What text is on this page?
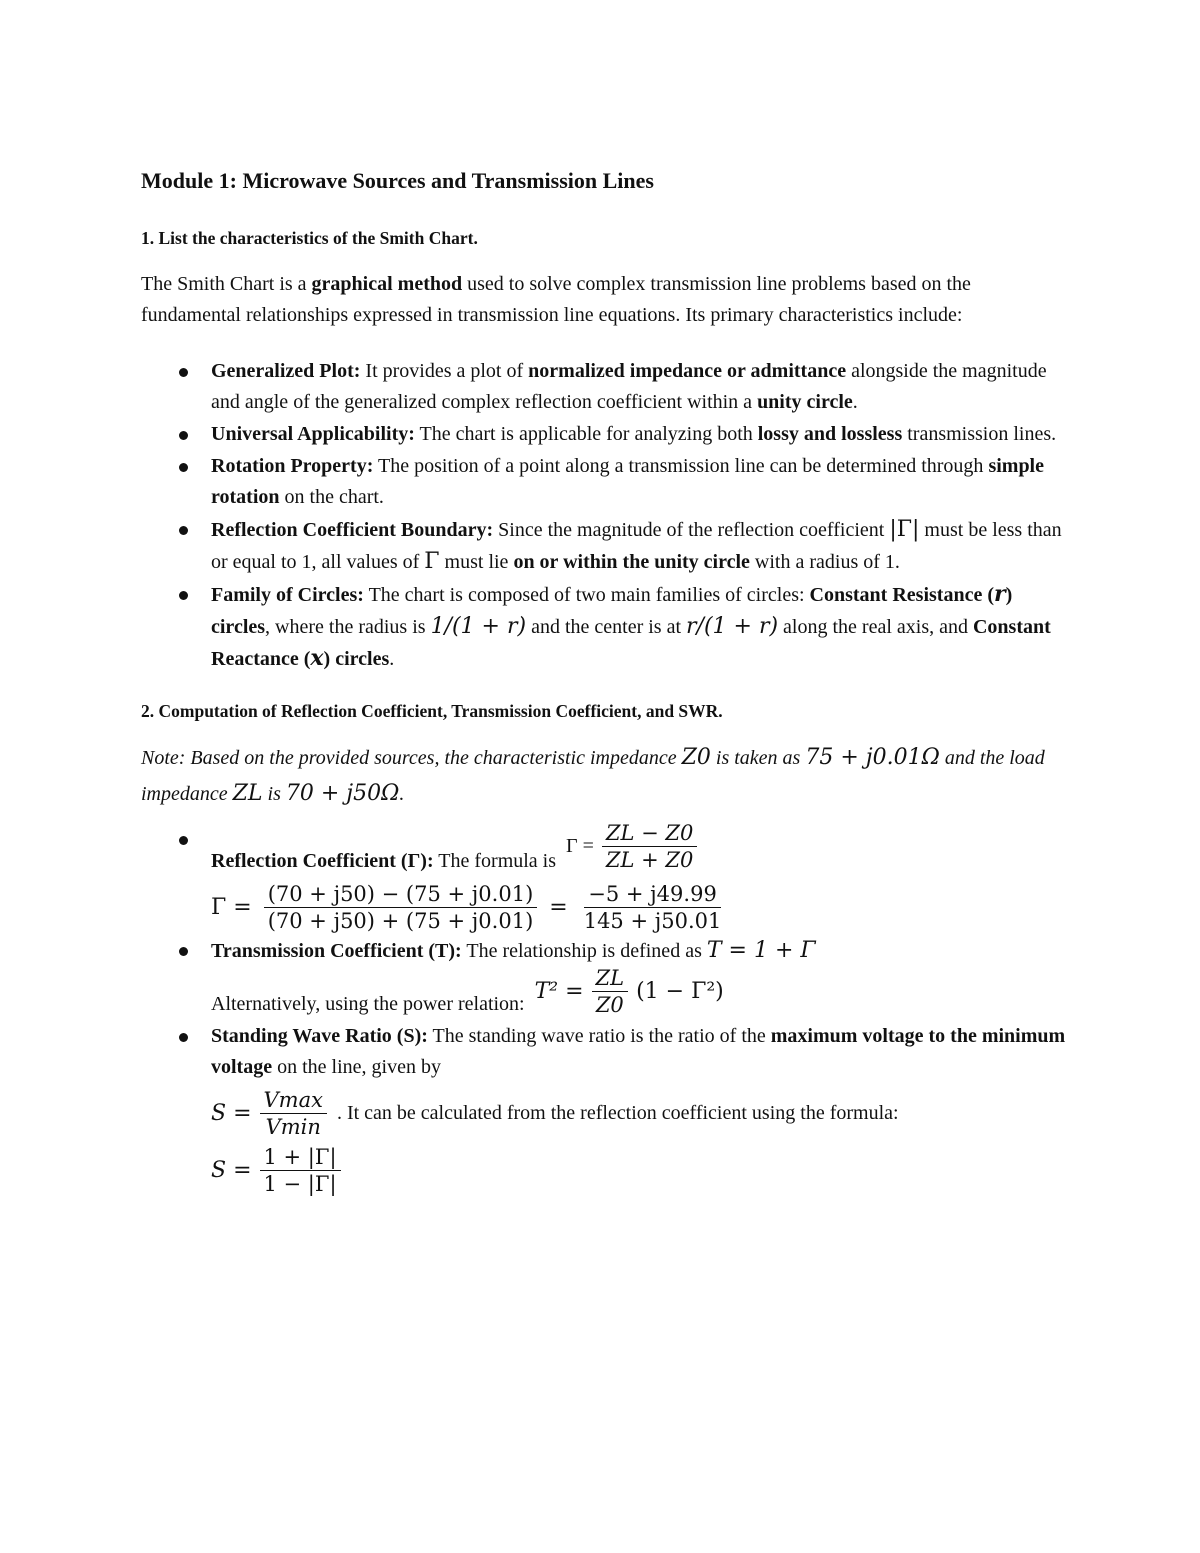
Module 1: Microwave Sources and Transmission Lines
1. List the characteristics of the Smith Chart.

The Smith Chart is a graphical method used to solve complex transmission line problems based on the fundamental relationships expressed in transmission line equations. Its primary characteristics include:

Generalized Plot: It provides a plot of normalized impedance or admittance alongside the magnitude and angle of the generalized complex reflection coefficient within a unity circle.
Universal Applicability: The chart is applicable for analyzing both lossy and lossless transmission lines.
Rotation Property: The position of a point along a transmission line can be determined through simple rotation on the chart.
Reflection Coefficient Boundary: Since the magnitude of the reflection coefficient |Γ| must be less than or equal to 1, all values of Γ must lie on or within the unity circle with a radius of 1.
Family of Circles: The chart is composed of two main families of circles: Constant Resistance (r) circles, where the radius is 1/(1 + r) and the center is at r/(1 + r) along the real axis, and Constant Reactance (x) circles.
2. Computation of Reflection Coefficient, Transmission Coefficient, and SWR.

Note: Based on the provided sources, the characteristic impedance Z0 is taken as 75 + j0.01Ω and the load impedance ZL is 70 + j50Ω.

Reflection Coefficient (Γ): The formula is
$\Gamma = \frac{ZL - Z0}{ZL + Z0}$
$\Gamma = \frac{(70 + j50) - (75 + j0.01)}{(70 + j50) + (75 + j0.01)} = \frac{-5 + j49.99}{145 + j50.01}$
Transmission Coefficient (T): The relationship is defined as T = 1 + Γ
Alternatively, using the power relation: $T^2 = \frac{ZL}{Z0} (1 - \Gamma^2)$
Standing Wave Ratio (S): The standing wave ratio is the ratio of the maximum voltage to the minimum voltage on the line, given by
$S = \frac{Vmax}{Vmin}$ . It can be calculated from the reflection coefficient using the formula:
$S = \frac{1 + |\Gamma|}{1 - |\Gamma|}$
